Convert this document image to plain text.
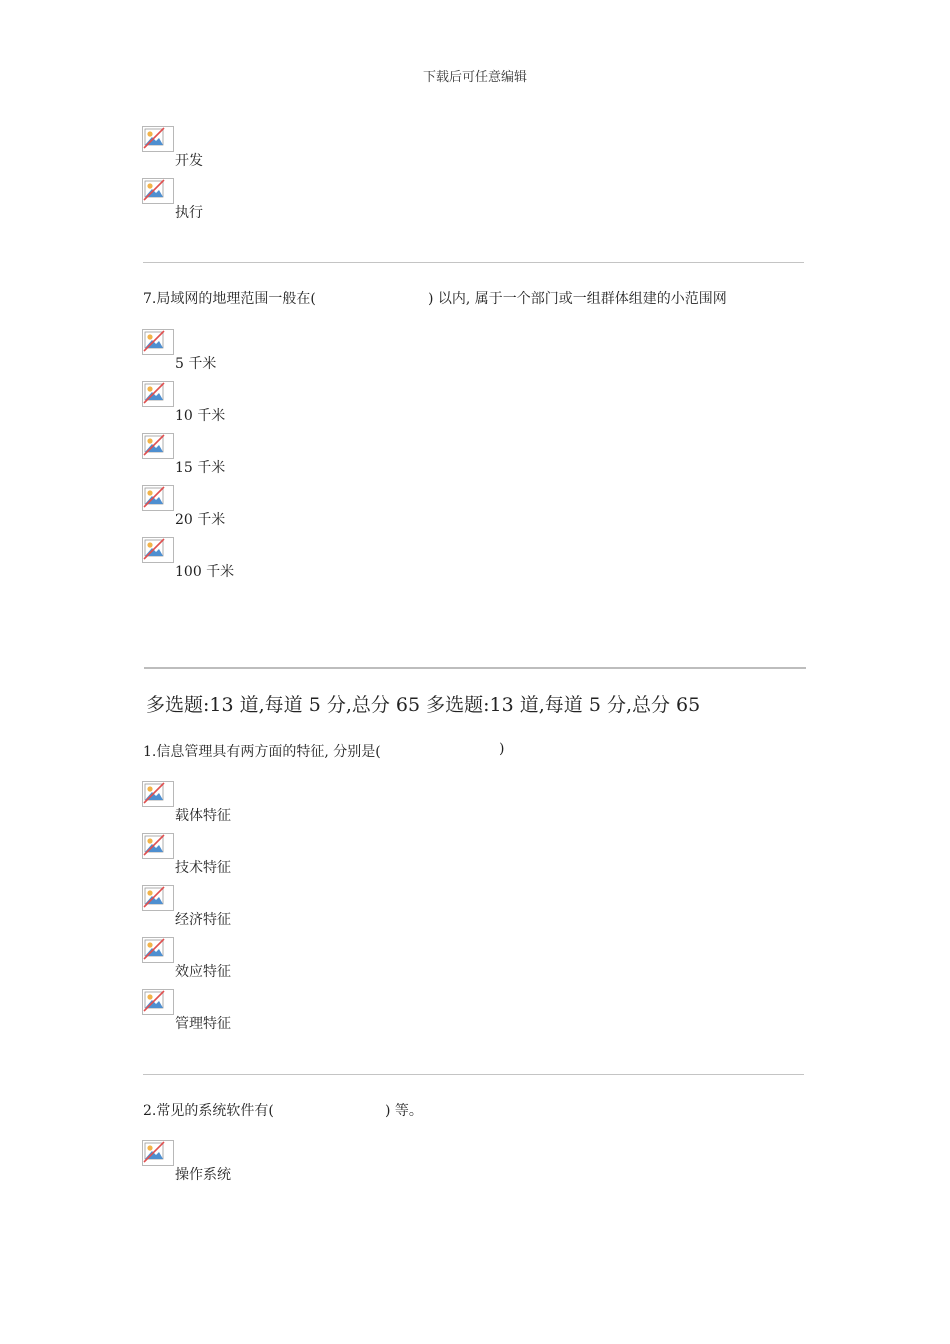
下载后可任意编辑
开发
执行
7.局域网的地理范围一般在(	) 以内, 属于一个部门或一组群体组建的小范围网
5 千米
10 千米
15 千米
20 千米
100 千米
多选题:13 道,每道 5 分,总分 65 多选题:13 道,每道 5 分,总分 65
1.信息管理具有两方面的特征, 分别是(	)
载体特征
技术特征
经济特征
效应特征
管理特征
2.常见的系统软件有(	) 等。
操作系统
